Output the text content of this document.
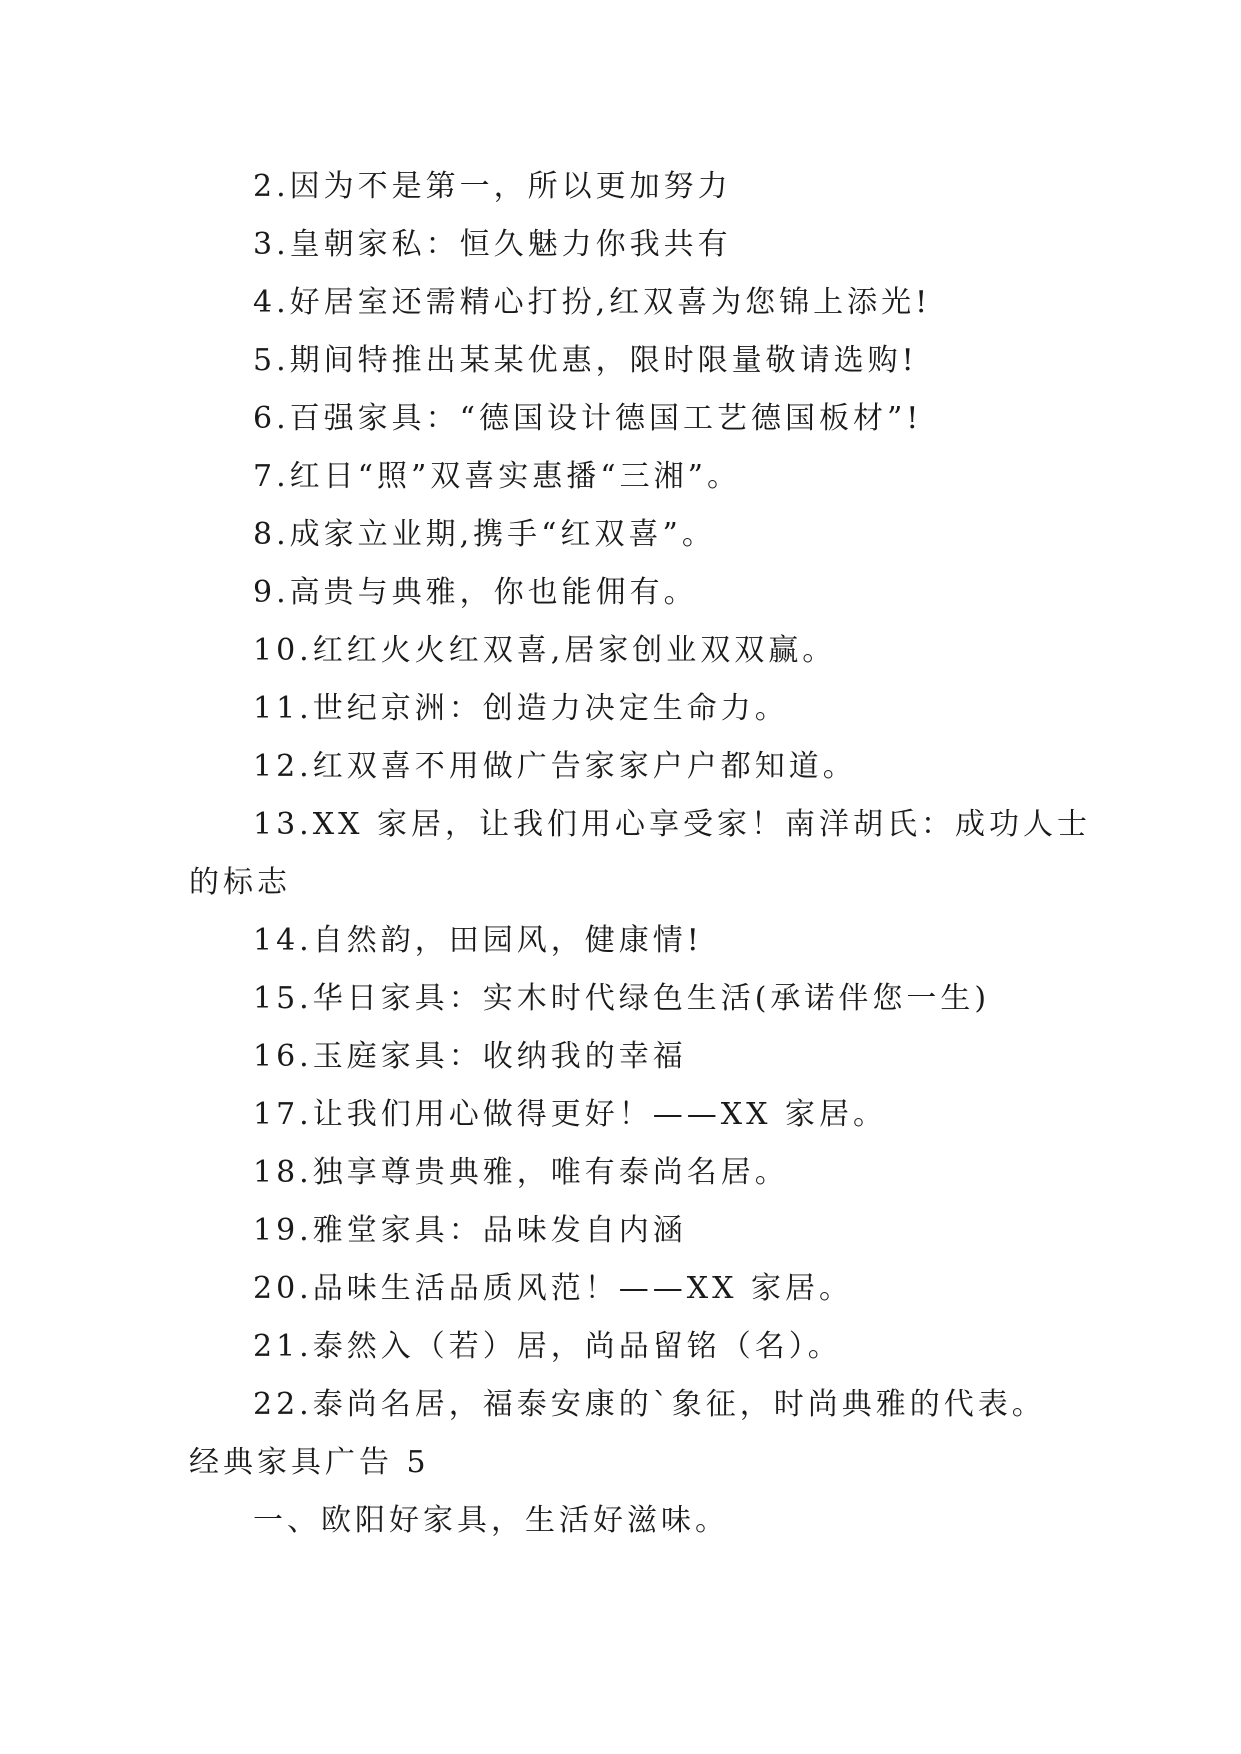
2.因为不是第一，所以更加努力
3.皇朝家私：恒久魅力你我共有
4.好居室还需精心打扮,红双喜为您锦上添光!
5.期间特推出某某优惠，限时限量敬请选购!
6.百强家具：“德国设计德国工艺德国板材”!
7.红日“照”双喜实惠播“三湘”。
8.成家立业期,携手“红双喜”。
9.高贵与典雅，你也能佣有。
10.红红火火红双喜,居家创业双双赢。
11.世纪京洲：创造力决定生命力。
12.红双喜不用做广告家家户户都知道。
13.XX 家居，让我们用心享受家！南洋胡氏：成功人士
的标志
14.自然韵，田园风，健康情!
15.华日家具：实木时代绿色生活(承诺伴您一生)
16.玉庭家具：收纳我的幸福
17.让我们用心做得更好！——XX 家居。
18.独享尊贵典雅，唯有泰尚名居。
19.雅堂家具：品味发自内涵
20.品味生活品质风范！——XX 家居。
21.泰然入（若）居，尚品留铭（名）。
22.泰尚名居，福泰安康的`象征，时尚典雅的代表。
经典家具广告 5
一、欧阳好家具，生活好滋味。
